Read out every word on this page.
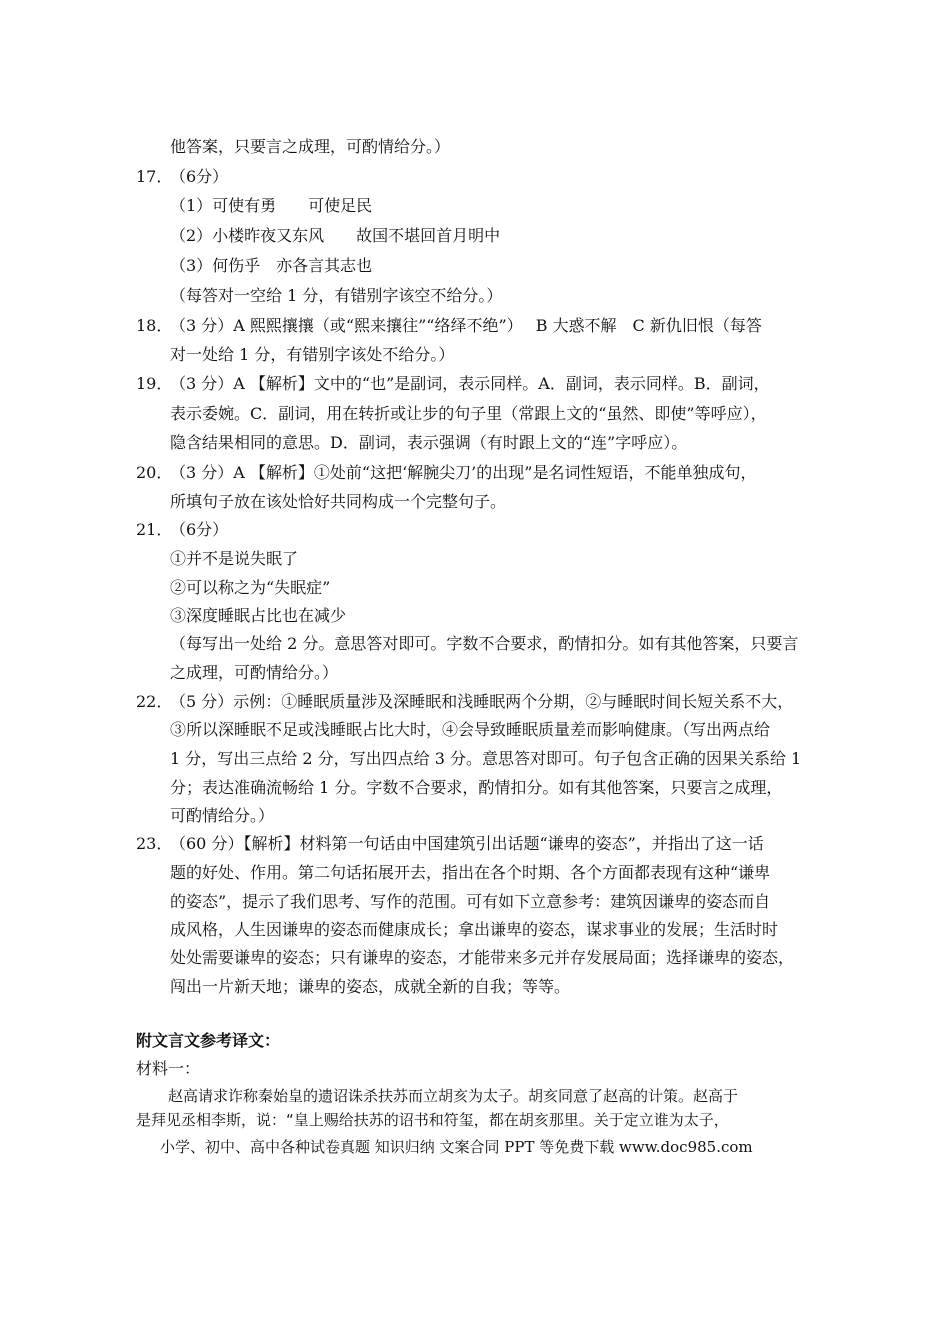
他答案，只要言之成理，可酌情给分。）
17．
（6分）
（1）可使有勇　　可使足民
（2）小楼昨夜又东风　　故国不堪回首月明中
（3）何伤乎　亦各言其志也
（每答对一空给 1 分，有错别字该空不给分。）
18．
（3 分）A 熙熙攘攘（或“熙来攘往”“络绎不绝”）　 B 大惑不解　C 新仇旧恨（每答
对一处给 1 分，有错别字该处不给分。）
19．
（3 分）A 【解析】文中的“也”是副词，表示同样。A．副词，表示同样。B．副词，
表示委婉。C．副词，用在转折或让步的句子里（常跟上文的“虽然、即使”等呼应），
隐含结果相同的意思。D．副词，表示强调（有时跟上文的“连”字呼应）。
20．
（3 分）A 【解析】①处前“这把‘解腕尖刀’的出现”是名词性短语，不能单独成句，
所填句子放在该处恰好共同构成一个完整句子。
21．
（6分）
①并不是说失眠了
②可以称之为“失眠症”
③深度睡眠占比也在减少
（每写出一处给 2 分。意思答对即可。字数不合要求，酌情扣分。如有其他答案，只要言
之成理，可酌情给分。）
22．
（5 分）示例：①睡眠质量涉及深睡眠和浅睡眠两个分期，②与睡眠时间长短关系不大，
③所以深睡眠不足或浅睡眠占比大时，④会导致睡眠质量差而影响健康。（写出两点给
1 分，写出三点给 2 分，写出四点给 3 分。意思答对即可。句子包含正确的因果关系给 1
分；表达准确流畅给 1 分。字数不合要求，酌情扣分。如有其他答案，只要言之成理，
可酌情给分。）
23．
（60 分）【解析】材料第一句话由中国建筑引出话题“谦卑的姿态”，并指出了这一话
题的好处、作用。第二句话拓展开去，指出在各个时期、各个方面都表现有这种“谦卑
的姿态”，提示了我们思考、写作的范围。可有如下立意参考：建筑因谦卑的姿态而自
成风格，人生因谦卑的姿态而健康成长；拿出谦卑的姿态，谋求事业的发展；生活时时
处处需要谦卑的姿态；只有谦卑的姿态，才能带来多元并存发展局面；选择谦卑的姿态，
闯出一片新天地；谦卑的姿态，成就全新的自我；等等。
附文言文参考译文：
材料一：
赵高请求诈称秦始皇的遗诏诛杀扶苏而立胡亥为太子。胡亥同意了赵高的计策。赵高于
是拜见丞相李斯，说：“皇上赐给扶苏的诏书和符玺，都在胡亥那里。关于定立谁为太子，
小学、初中、高中各种试卷真题 知识归纳 文案合同 PPT 等免费下载 www.doc985.com
